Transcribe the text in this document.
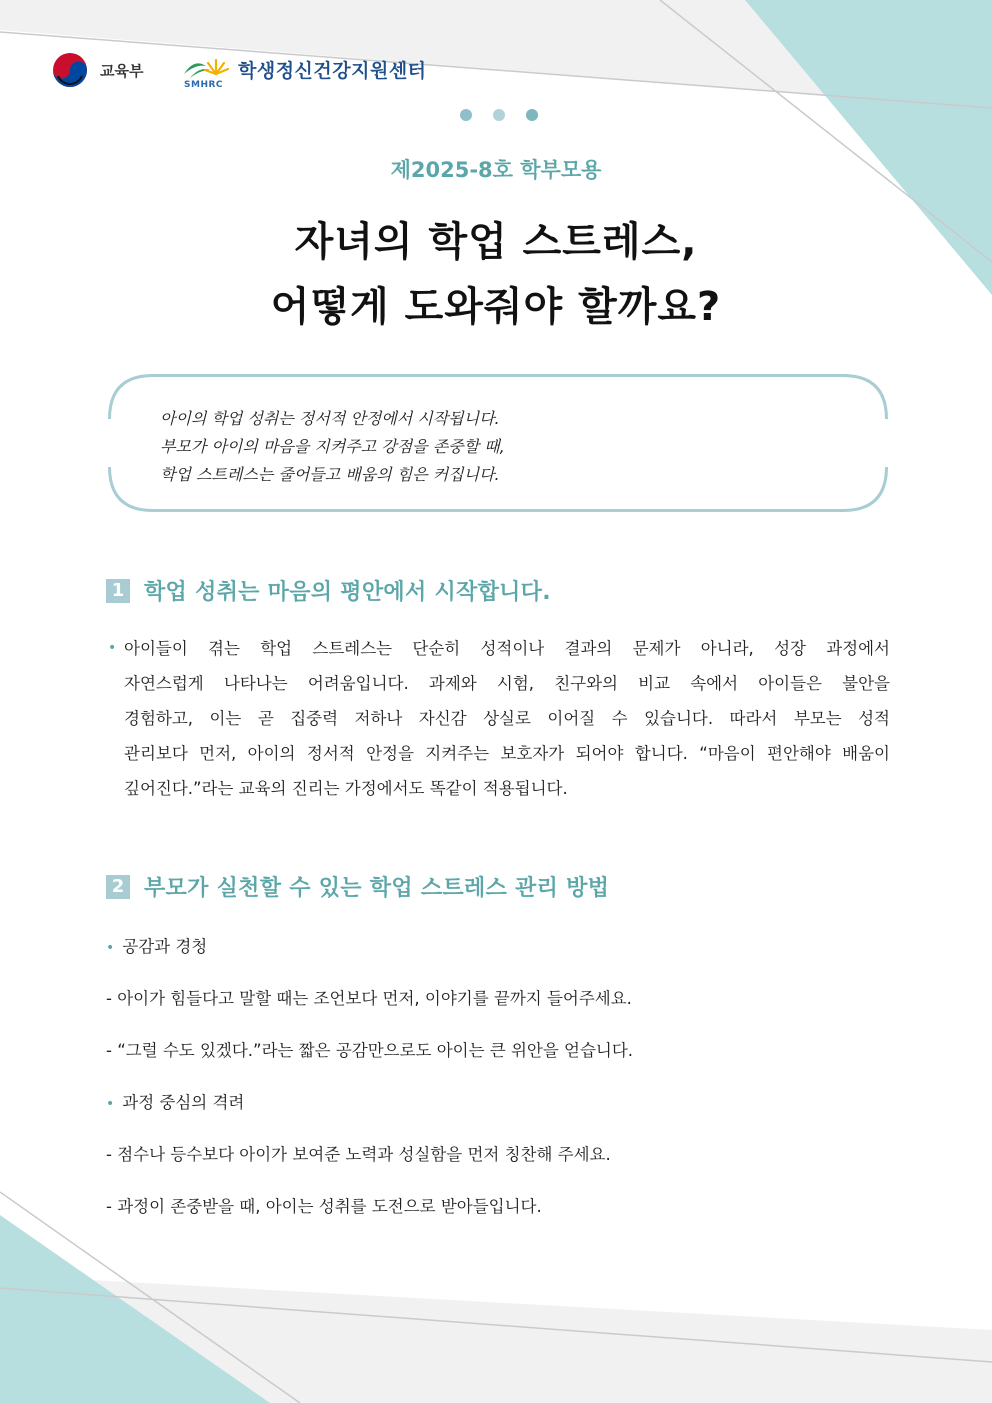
교육부
SMHRC
학생정신건강지원센터
제2025-8호 학부모용
자녀의 학업 스트레스,
어떻게 도와줘야 할까요?
아이의 학업 성취는 정서적 안정에서 시작됩니다.
부모가 아이의 마음을 지켜주고 강점을 존중할 때,
학업 스트레스는 줄어들고 배움의 힘은 커집니다.
1 학업 성취는 마음의 평안에서 시작합니다.
• 아이들이 겪는 학업 스트레스는 단순히 성적이나 결과의 문제가 아니라, 성장 과정에서
자연스럽게 나타나는 어려움입니다. 과제와 시험, 친구와의 비교 속에서 아이들은 불안을
경험하고, 이는 곧 집중력 저하나 자신감 상실로 이어질 수 있습니다. 따라서 부모는 성적
관리보다 먼저, 아이의 정서적 안정을 지켜주는 보호자가 되어야 합니다. “마음이 편안해야 배움이
깊어진다.”라는 교육의 진리는 가정에서도 똑같이 적용됩니다.
2 부모가 실천할 수 있는 학업 스트레스 관리 방법
• 공감과 경청
- 아이가 힘들다고 말할 때는 조언보다 먼저, 이야기를 끝까지 들어주세요.
- “그럴 수도 있겠다.”라는 짧은 공감만으로도 아이는 큰 위안을 얻습니다.
• 과정 중심의 격려
- 점수나 등수보다 아이가 보여준 노력과 성실함을 먼저 칭찬해 주세요.
- 과정이 존중받을 때, 아이는 성취를 도전으로 받아들입니다.
